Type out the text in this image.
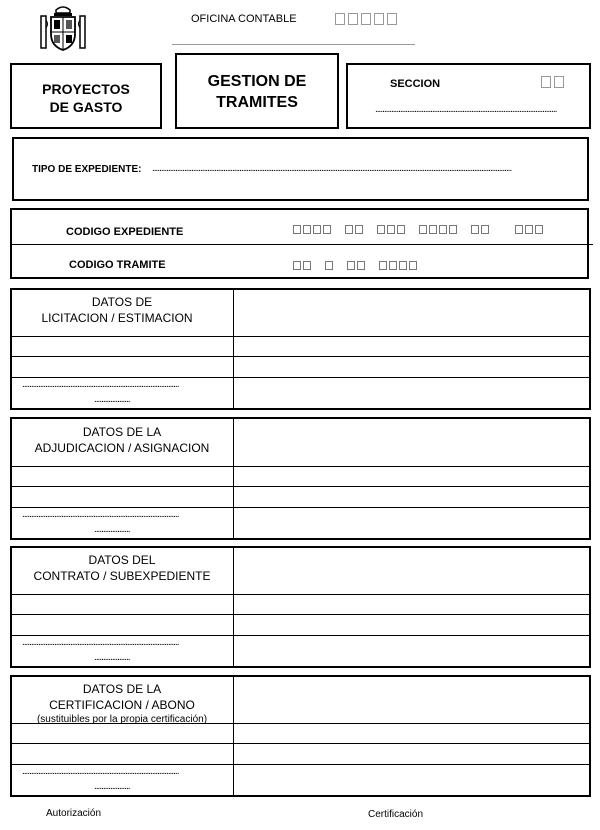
OFICINA CONTABLE
PROYECTOS
DE GASTO
GESTION DE
TRAMITES
SECCION
......................................................................................................
TIPO DE EXPEDIENTE: ..........................................................................................................................................................................................................
CODIGO EXPEDIENTE
CODIGO TRAMITE
DATOS DE
LICITACION / ESTIMACION
........................................................................................
....................
DATOS DE LA
ADJUDICACION / ASIGNACION
........................................................................................
....................
DATOS DEL
CONTRATO / SUBEXPEDIENTE
........................................................................................
....................
DATOS DE LA
CERTIFICACION / ABONO
(sustituibles por la propia certificación)
........................................................................................
....................
Autorización	Certificación
